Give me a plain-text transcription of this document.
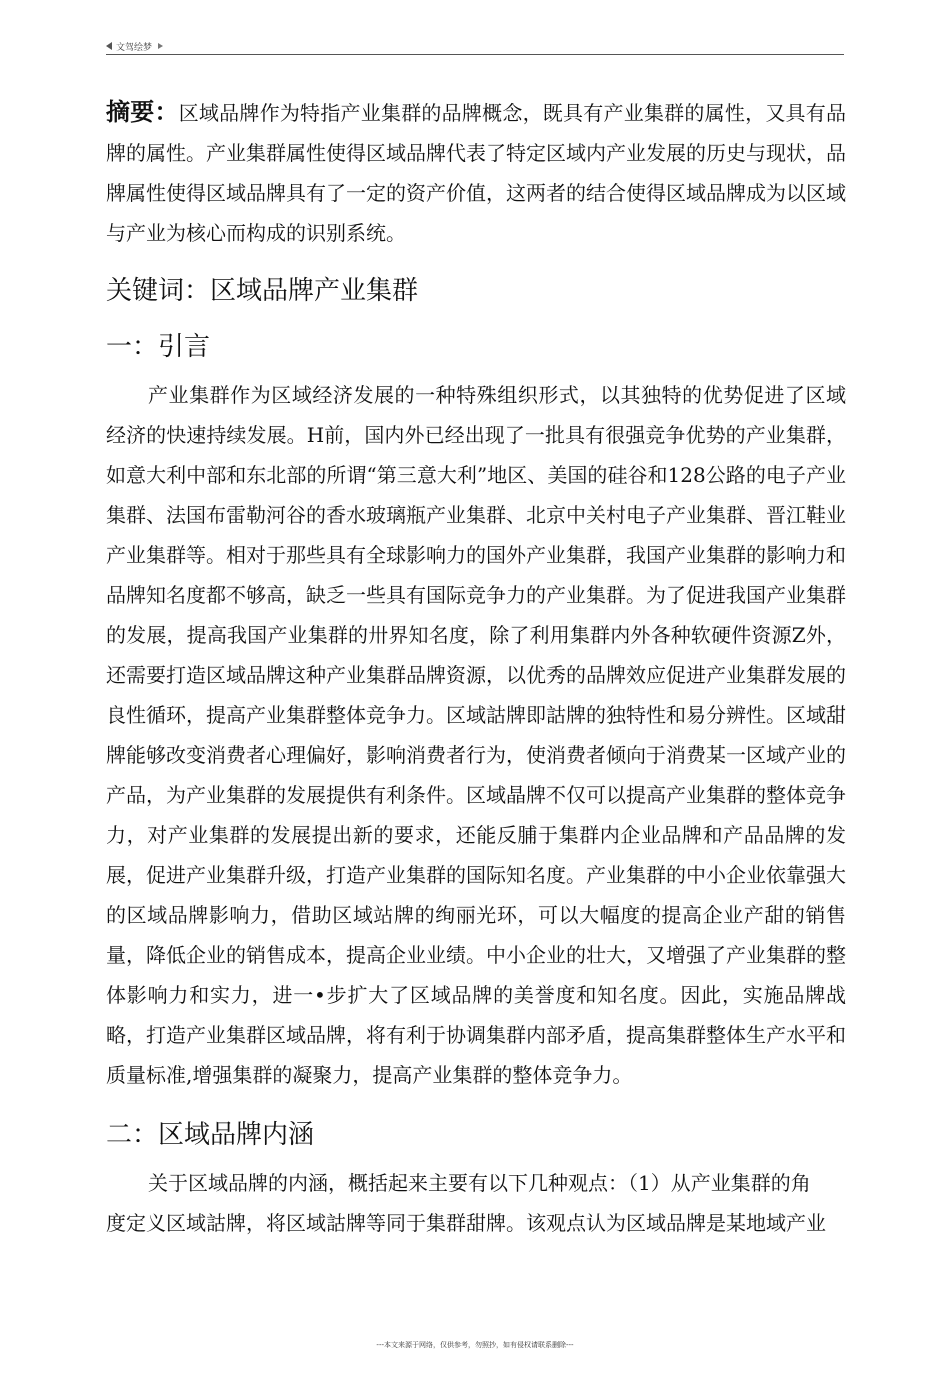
文驾绘梦

摘要：区域品牌作为特指产业集群的品牌概念，既具有产业集群的属性，又具有品牌的属性。产业集群属性使得区域品牌代表了特定区域内产业发展的历史与现状，品牌属性使得区域品牌具有了一定的资产价值，这两者的结合使得区域品牌成为以区域与产业为核心而构成的识别系统。

关键词：区域品牌产业集群
一：引言

产业集群作为区域经济发展的一种特殊组织形式，以其独特的优势促进了区域经济的快速持续发展。H前，国内外已经出现了一批具有很强竞争优势的产业集群，如意大利中部和东北部的所谓“第三意大利”地区、美国的硅谷和128公路的电子产业集群、法国布雷勒河谷的香水玻璃瓶产业集群、北京中关村电子产业集群、晋江鞋业产业集群等。相对于那些具有全球影响力的国外产业集群，我国产业集群的影响力和品牌知名度都不够高，缺乏一些具有国际竞争力的产业集群。为了促进我国产业集群的发展，提高我国产业集群的卅界知名度，除了利用集群内外各种软硬件资源Z外，还需要打造区域品牌这种产业集群品牌资源，以优秀的品牌效应促进产业集群发展的良性循环，提高产业集群整体竞争力。区域詁牌即詁牌的独特性和易分辨性。区域甜牌能够改变消费者心理偏好，影响消费者行为，使消费者倾向于消费某一区域产业的产品，为产业集群的发展提供有利条件。区域晶牌不仅可以提高产业集群的整体竞争力，对产业集群的发展提出新的要求，还能反脯于集群内企业品牌和产品品牌的发展，促进产业集群升级，打造产业集群的国际知名度。产业集群的中小企业依靠强大的区域品牌影响力，借助区域站牌的绚丽光环，可以大幅度的提高企业产甜的销售量，降低企业的销售成本，提高企业业绩。中小企业的壮大，又增强了产业集群的整体影响力和实力，进一•步扩大了区域品牌的美誉度和知名度。因此，实施品牌战略，打造产业集群区域品牌，将有利于协调集群内部矛盾，提高集群整体生产水平和质量标准,增强集群的凝聚力，提高产业集群的整体竞争力。

二：区域品牌内涵

关于区域品牌的内涵，概括起来主要有以下几种观点：（1）从产业集群的角

度定义区域詁牌，将区域詁牌等同于集群甜牌。该观点认为区域品牌是某地域产业

---本文来源于网络，仅供参考，勿照抄，如有侵权请联系删除---
